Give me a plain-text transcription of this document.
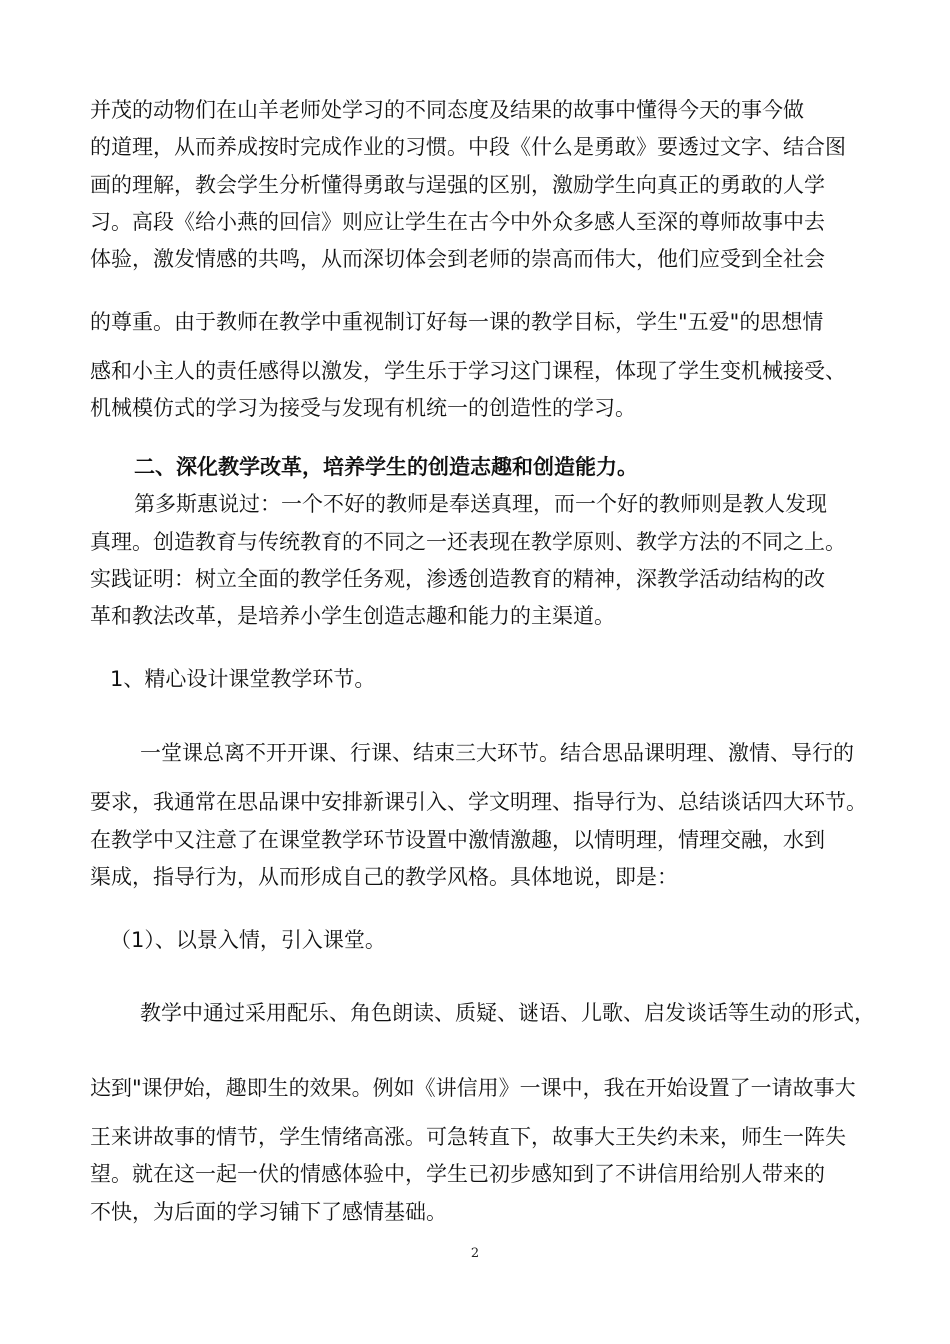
并茂的动物们在山羊老师处学习的不同态度及结果的故事中懂得今天的事今做

的道理，从而养成按时完成作业的习惯。中段《什么是勇敢》要透过文字、结合图

画的理解，教会学生分析懂得勇敢与逞强的区别，激励学生向真正的勇敢的人学

习。高段《给小燕的回信》则应让学生在古今中外众多感人至深的尊师故事中去

体验，激发情感的共鸣，从而深切体会到老师的崇高而伟大，他们应受到全社会

的尊重。由于教师在教学中重视制订好每一课的教学目标，学生"五爱"的思想情

感和小主人的责任感得以激发，学生乐于学习这门课程，体现了学生变机械接受、

机械模仿式的学习为接受与发现有机统一的创造性的学习。

二、深化教学改革，培养学生的创造志趣和创造能力。

第多斯惠说过：一个不好的教师是奉送真理，而一个好的教师则是教人发现

真理。创造教育与传统教育的不同之一还表现在教学原则、教学方法的不同之上。

实践证明：树立全面的教学任务观，渗透创造教育的精神，深教学活动结构的改

革和教法改革，是培养小学生创造志趣和能力的主渠道。

1、精心设计课堂教学环节。

一堂课总离不开开课、行课、结束三大环节。结合思品课明理、激情、导行的

要求，我通常在思品课中安排新课引入、学文明理、指导行为、总结谈话四大环节。

在教学中又注意了在课堂教学环节设置中激情激趣，以情明理，情理交融，水到

渠成，指导行为，从而形成自己的教学风格。具体地说，即是：

（1）、以景入情，引入课堂。

教学中通过采用配乐、角色朗读、质疑、谜语、儿歌、启发谈话等生动的形式，

达到"课伊始，趣即生的效果。例如《讲信用》一课中，我在开始设置了一请故事大

王来讲故事的情节，学生情绪高涨。可急转直下，故事大王失约未来，师生一阵失

望。就在这一起一伏的情感体验中，学生已初步感知到了不讲信用给别人带来的

不快，为后面的学习铺下了感情基础。

2
